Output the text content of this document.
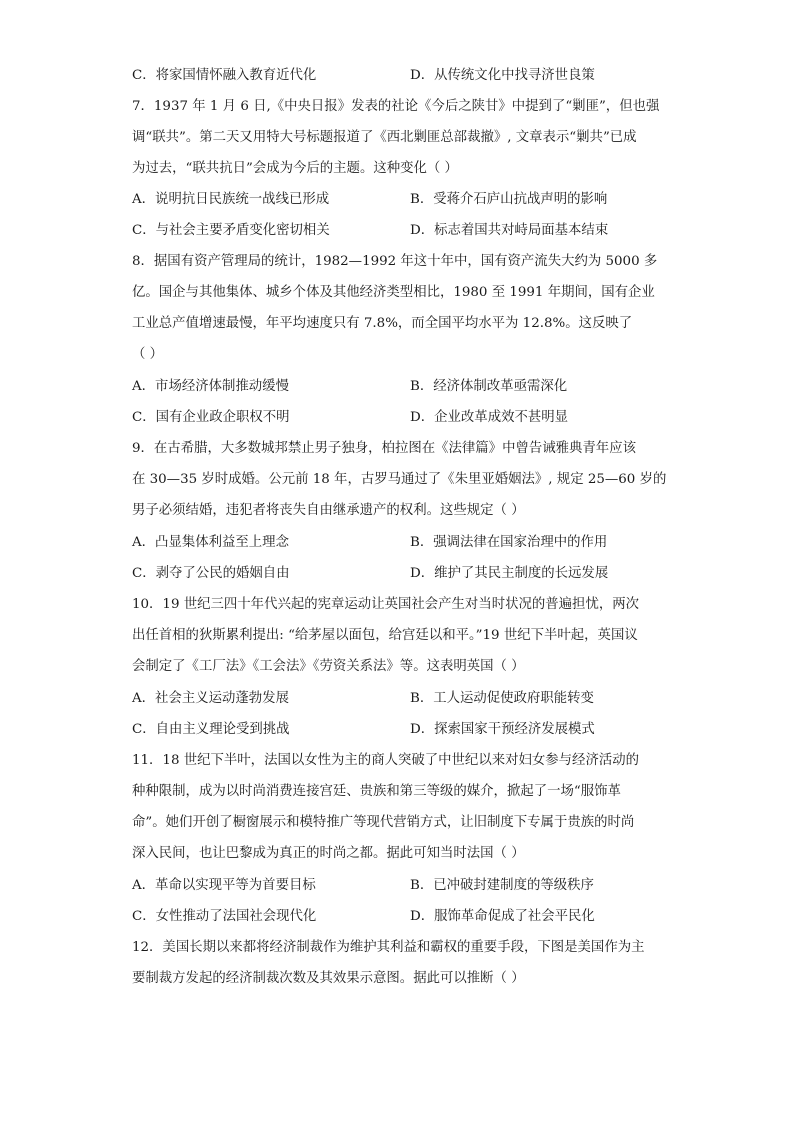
C．将家国情怀融入教育近代化	D．从传统文化中找寻济世良策
7．1937 年 1 月 6 日,《中央日报》发表的社论《今后之陕甘》中提到了“剿匪”，但也强
调“联共”。第二天又用特大号标题报道了《西北剿匪总部裁撤》, 文章表示“剿共”已成
为过去，“联共抗日”会成为今后的主题。这种变化（ ）
A．说明抗日民族统一战线已形成	B．受蒋介石庐山抗战声明的影响
C．与社会主要矛盾变化密切相关	D．标志着国共对峙局面基本结束
8．据国有资产管理局的统计，1982—1992 年这十年中，国有资产流失大约为 5000 多
亿。国企与其他集体、城乡个体及其他经济类型相比，1980 至 1991 年期间，国有企业
工业总产值增速最慢，年平均速度只有 7.8%，而全国平均水平为 12.8%。这反映了
（ ）
A．市场经济体制推动缓慢	B．经济体制改革亟需深化
C．国有企业政企职权不明	D．企业改革成效不甚明显
9．在古希腊，大多数城邦禁止男子独身，柏拉图在《法律篇》中曾告诫雅典青年应该
在 30—35 岁时成婚。公元前 18 年，古罗马通过了《朱里亚婚姻法》, 规定 25—60 岁的
男子必须结婚，违犯者将丧失自由继承遗产的权利。这些规定（ ）
A．凸显集体利益至上理念	B．强调法律在国家治理中的作用
C．剥夺了公民的婚姻自由	D．维护了其民主制度的长远发展
10．19 世纪三四十年代兴起的宪章运动让英国社会产生对当时状况的普遍担忧，两次
出任首相的狄斯累利提出: “给茅屋以面包，给宫廷以和平。”19 世纪下半叶起，英国议
会制定了《工厂法》《工会法》《劳资关系法》等。这表明英国（ ）
A．社会主义运动蓬勃发展	B．工人运动促使政府职能转变
C．自由主义理论受到挑战	D．探索国家干预经济发展模式
11．18 世纪下半叶，法国以女性为主的商人突破了中世纪以来对妇女参与经济活动的
种种限制，成为以时尚消费连接宫廷、贵族和第三等级的媒介，掀起了一场“服饰革
命”。她们开创了橱窗展示和模特推广等现代营销方式，让旧制度下专属于贵族的时尚
深入民间，也让巴黎成为真正的时尚之都。据此可知当时法国（ ）
A．革命以实现平等为首要目标	B．已冲破封建制度的等级秩序
C．女性推动了法国社会现代化	D．服饰革命促成了社会平民化
12．美国长期以来都将经济制裁作为维护其利益和霸权的重要手段，下图是美国作为主
要制裁方发起的经济制裁次数及其效果示意图。据此可以推断（ ）
